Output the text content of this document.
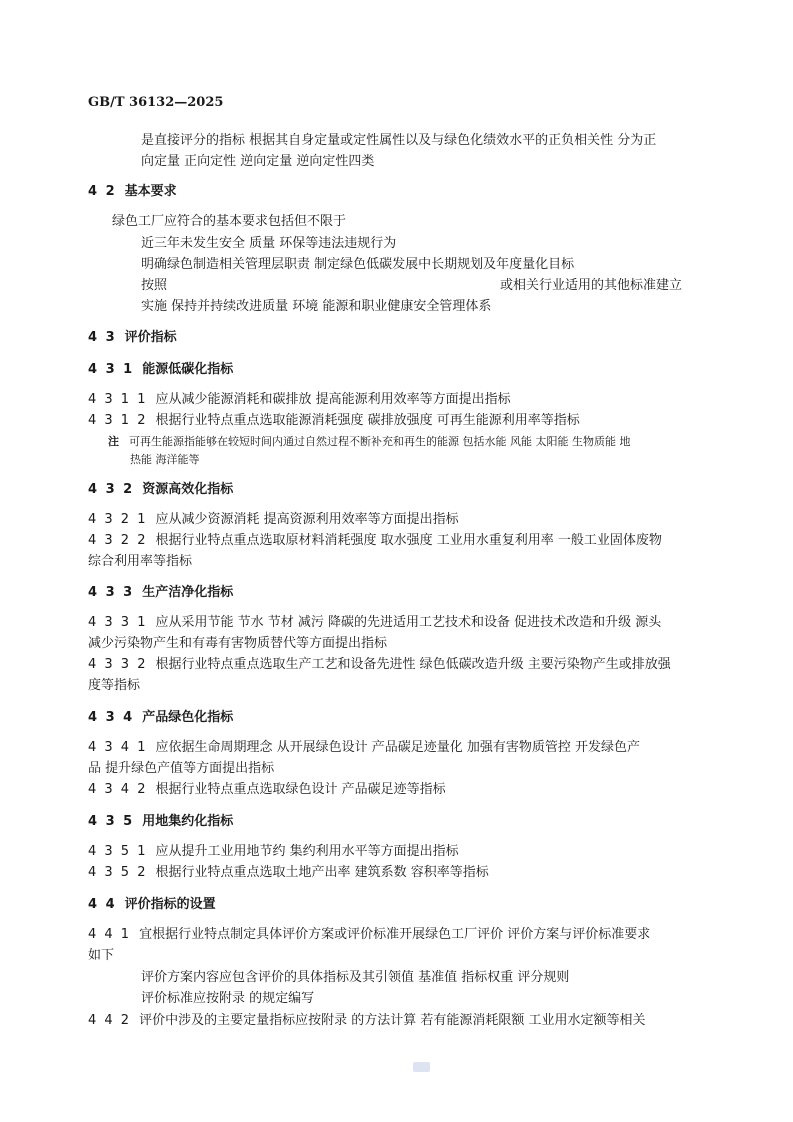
GB/T 36132—2025
是直接评分的指标 根据其自身定量或定性属性以及与绿色化绩效水平的正负相关性 分为正
向定量 正向定性 逆向定量 逆向定性四类
4 2 基本要求
绿色工厂应符合的基本要求包括但不限于
近三年未发生安全 质量 环保等违法违规行为
明确绿色制造相关管理层职责 制定绿色低碳发展中长期规划及年度量化目标
按照	或相关行业适用的其他标准建立
实施 保持并持续改进质量 环境 能源和职业健康安全管理体系
4 3 评价指标
4 3 1 能源低碳化指标
4 3 1 1 应从减少能源消耗和碳排放 提高能源利用效率等方面提出指标
4 3 1 2 根据行业特点重点选取能源消耗强度 碳排放强度 可再生能源利用率等指标
注 可再生能源指能够在较短时间内通过自然过程不断补充和再生的能源 包括水能 风能 太阳能 生物质能 地
热能 海洋能等
4 3 2 资源高效化指标
4 3 2 1 应从减少资源消耗 提高资源利用效率等方面提出指标
4 3 2 2 根据行业特点重点选取原材料消耗强度 取水强度 工业用水重复利用率 一般工业固体废物
综合利用率等指标
4 3 3 生产洁净化指标
4 3 3 1 应从采用节能 节水 节材 减污 降碳的先进适用工艺技术和设备 促进技术改造和升级 源头
减少污染物产生和有毒有害物质替代等方面提出指标
4 3 3 2 根据行业特点重点选取生产工艺和设备先进性 绿色低碳改造升级 主要污染物产生或排放强
度等指标
4 3 4 产品绿色化指标
4 3 4 1 应依据生命周期理念 从开展绿色设计 产品碳足迹量化 加强有害物质管控 开发绿色产
品 提升绿色产值等方面提出指标
4 3 4 2 根据行业特点重点选取绿色设计 产品碳足迹等指标
4 3 5 用地集约化指标
4 3 5 1 应从提升工业用地节约 集约利用水平等方面提出指标
4 3 5 2 根据行业特点重点选取土地产出率 建筑系数 容积率等指标
4 4 评价指标的设置
4 4 1 宜根据行业特点制定具体评价方案或评价标准开展绿色工厂评价 评价方案与评价标准要求
如下
评价方案内容应包含评价的具体指标及其引领值 基准值 指标权重 评分规则
评价标准应按附录 的规定编写
4 4 2 评价中涉及的主要定量指标应按附录 的方法计算 若有能源消耗限额 工业用水定额等相关
